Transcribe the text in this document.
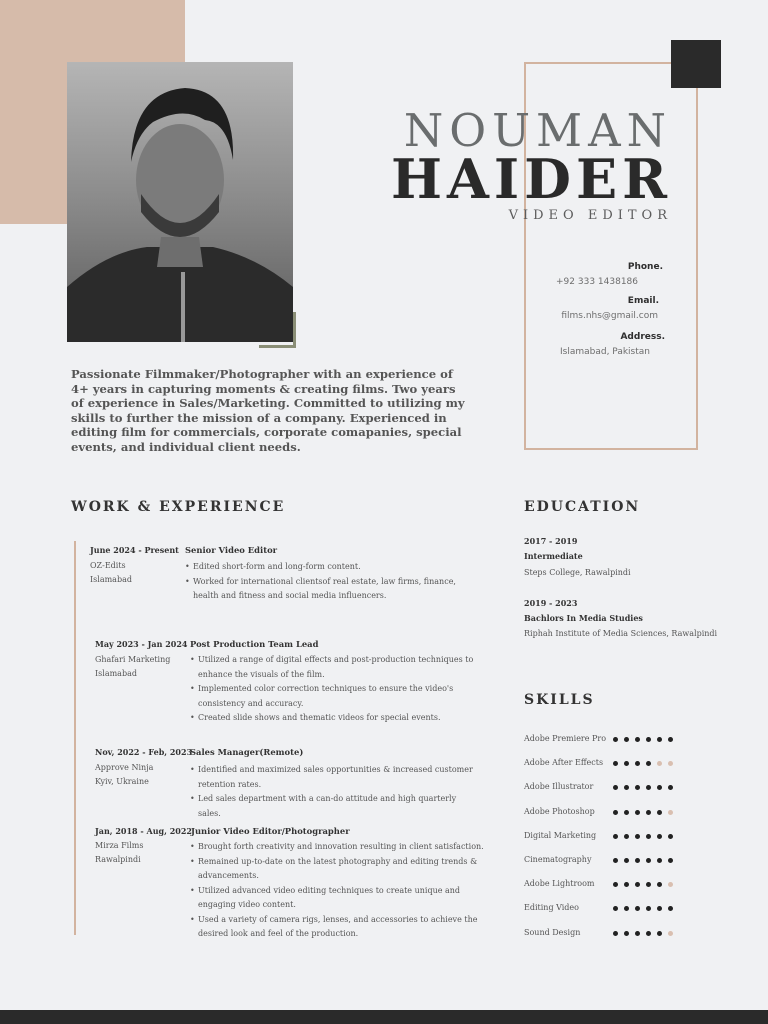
NOUMAN
HAIDER
VIDEO EDITOR
Phone.
+92 333 1438186
Email.
films.nhs@gmail.com
Address.
Islamabad, Pakistan
Passionate Filmmaker/Photographer with an experience of 4+ years in capturing moments & creating films. Two years of experience in Sales/Marketing. Committed to utilizing my skills to further the mission of a company. Experienced in editing film for commercials, corporate comapanies, special events, and individual client needs.
WORK & EXPERIENCE
June 2024 - Present
OZ-Edits
Islamabad
Senior Video Editor
• Edited short-form and long-form content.
• Worked for international clientsof real estate, law firms, finance, health and fitness and social media influencers.
May 2023 - Jan 2024
Ghafari Marketing
Islamabad
Post Production Team Lead
• Utilized a range of digital effects and post-production techniques to enhance the visuals of the film.
• Implemented color correction techniques to ensure the video's consistency and accuracy.
• Created slide shows and thematic videos for special events.
Nov, 2022 - Feb, 2023
Approve Ninja
Kyiv, Ukraine
Sales Manager(Remote)
• Identified and maximized sales opportunities & increased customer retention rates.
• Led sales department with a can-do attitude and high quarterly sales.
Jan, 2018 - Aug, 2022
Mirza Films
Rawalpindi
Junior Video Editor/Photographer
• Brought forth creativity and innovation resulting in client satisfaction.
• Remained up-to-date on the latest photography and editing trends & advancements.
• Utilized advanced video editing techniques to create unique and engaging video content.
• Used a variety of camera rigs, lenses, and accessories to achieve the desired look and feel of the production.
EDUCATION
2017 - 2019
Intermediate
Steps College, Rawalpindi
2019 - 2023
Bachlors In Media Studies
Riphah Institute of Media Sciences, Rawalpindi
SKILLS
Adobe Premiere Pro
Adobe After Effects
Adobe Illustrator
Adobe Photoshop
Digital Marketing
Cinematography
Adobe Lightroom
Editing Video
Sound Design
